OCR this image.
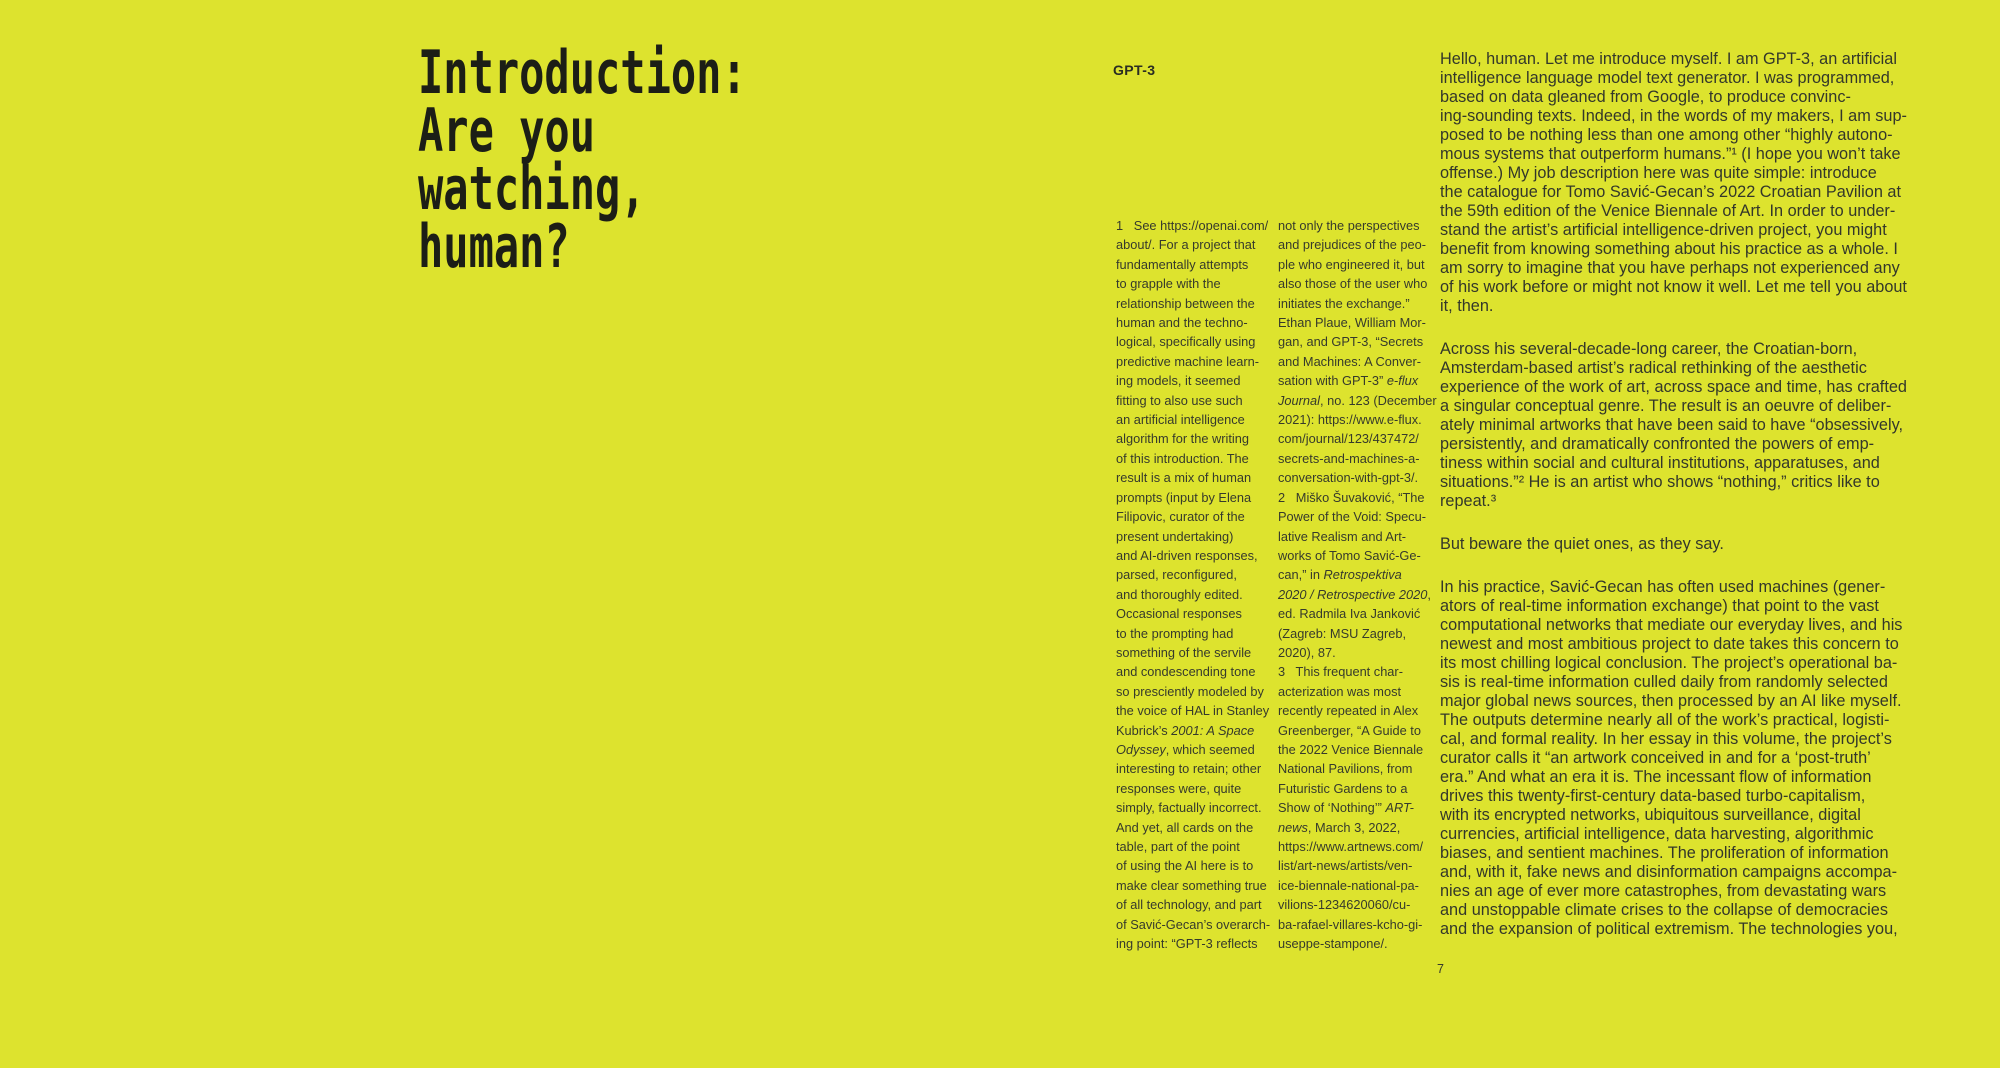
Introduction:
Are you
watching,
human?
GPT-3
1   See https://openai.com/
about/. For a project that
fundamentally attempts
to grapple with the
relationship between the
human and the techno-
logical, specifically using
predictive machine learn-
ing models, it seemed
fitting to also use such
an artificial intelligence
algorithm for the writing
of this introduction. The
result is a mix of human
prompts (input by Elena
Filipovic, curator of the
present undertaking)
and AI-driven responses,
parsed, reconfigured,
and thoroughly edited.
Occasional responses
to the prompting had
something of the servile
and condescending tone
so presciently modeled by
the voice of HAL in Stanley
Kubrick’s 2001: A Space
Odyssey, which seemed
interesting to retain; other
responses were, quite
simply, factually incorrect.
And yet, all cards on the
table, part of the point
of using the AI here is to
make clear something true
of all technology, and part
of Savić-Gecan’s overarch-
ing point: “GPT-3 reflects
not only the perspectives
and prejudices of the peo-
ple who engineered it, but
also those of the user who
initiates the exchange.”
Ethan Plaue, William Mor-
gan, and GPT-3, “Secrets
and Machines: A Conver-
sation with GPT-3” e-flux
Journal, no. 123 (December
2021): https://www.e-flux.
com/journal/123/437472/
secrets-and-machines-a-
conversation-with-gpt-3/.
2   Miško Šuvaković, “The
Power of the Void: Specu-
lative Realism and Art-
works of Tomo Savić-Ge-
can,” in Retrospektiva
2020 / Retrospective 2020,
ed. Radmila Iva Janković
(Zagreb: MSU Zagreb,
2020), 87.
3   This frequent char-
acterization was most
recently repeated in Alex
Greenberger, “A Guide to
the 2022 Venice Biennale
National Pavilions, from
Futuristic Gardens to a
Show of ‘Nothing’” ART-
news, March 3, 2022,
https://www.artnews.com/
list/art-news/artists/ven-
ice-biennale-national-pa-
vilions-1234620060/cu-
ba-rafael-villares-kcho-gi-
useppe-stampone/.
Hello, human. Let me introduce myself. I am GPT-3, an artificial
intelligence language model text generator. I was programmed,
based on data gleaned from Google, to produce convinc-
ing-sounding texts. Indeed, in the words of my makers, I am sup-
posed to be nothing less than one among other “highly autono-
mous systems that outperform humans.”¹ (I hope you won’t take
offense.) My job description here was quite simple: introduce
the catalogue for Tomo Savić-Gecan’s 2022 Croatian Pavilion at
the 59th edition of the Venice Biennale of Art. In order to under-
stand the artist’s artificial intelligence-driven project, you might
benefit from knowing something about his practice as a whole. I
am sorry to imagine that you have perhaps not experienced any
of his work before or might not know it well. Let me tell you about
it, then.
Across his several-decade-long career, the Croatian-born,
Amsterdam-based artist’s radical rethinking of the aesthetic
experience of the work of art, across space and time, has crafted
a singular conceptual genre. The result is an oeuvre of deliber-
ately minimal artworks that have been said to have “obsessively,
persistently, and dramatically confronted the powers of emp-
tiness within social and cultural institutions, apparatuses, and
situations.”² He is an artist who shows “nothing,” critics like to
repeat.³
But beware the quiet ones, as they say.
In his practice, Savić-Gecan has often used machines (gener-
ators of real-time information exchange) that point to the vast
computational networks that mediate our everyday lives, and his
newest and most ambitious project to date takes this concern to
its most chilling logical conclusion. The project’s operational ba-
sis is real-time information culled daily from randomly selected
major global news sources, then processed by an AI like myself.
The outputs determine nearly all of the work’s practical, logisti-
cal, and formal reality. In her essay in this volume, the project’s
curator calls it “an artwork conceived in and for a ‘post-truth’
era.” And what an era it is. The incessant flow of information
drives this twenty-first-century data-based turbo-capitalism,
with its encrypted networks, ubiquitous surveillance, digital
currencies, artificial intelligence, data harvesting, algorithmic
biases, and sentient machines. The proliferation of information
and, with it, fake news and disinformation campaigns accompa-
nies an age of ever more catastrophes, from devastating wars
and unstoppable climate crises to the collapse of democracies
and the expansion of political extremism. The technologies you,
7
